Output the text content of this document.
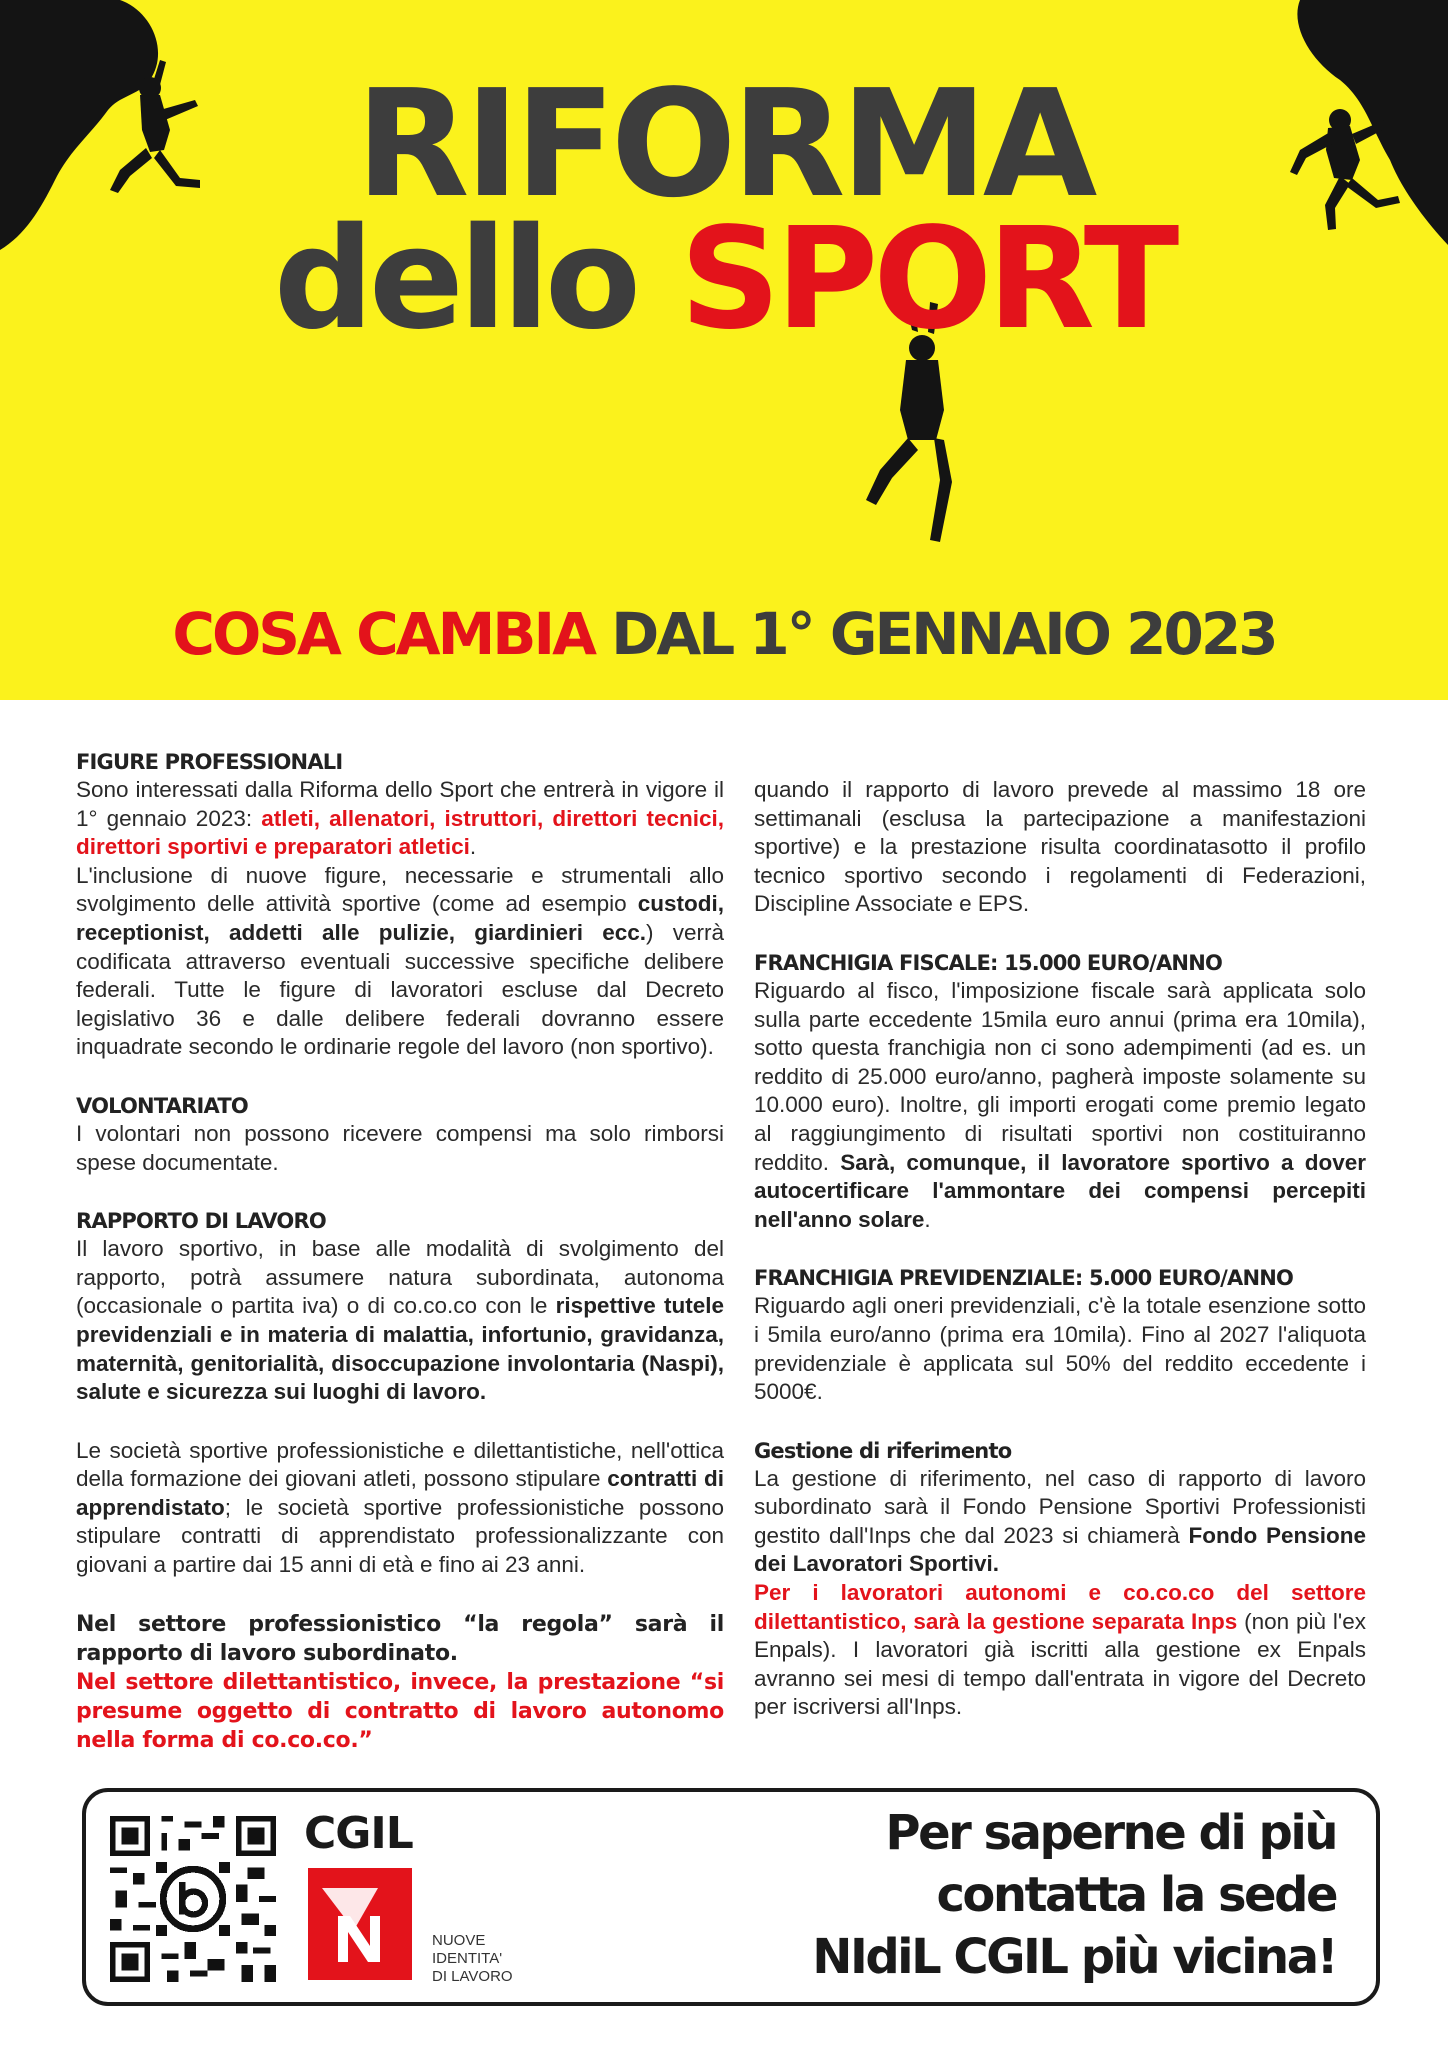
RIFORMA
dello SPORT
COSA CAMBIA DAL 1° GENNAIO 2023
FIGURE PROFESSIONALI

Sono interessati dalla Riforma dello Sport che entrerà in vigore il 1° gennaio 2023: atleti, allenatori, istruttori, direttori tecnici, direttori sportivi e preparatori atletici.

L'inclusione di nuove figure, necessarie e strumentali allo svolgimento delle attività sportive (come ad esempio custodi, receptionist, addetti alle pulizie, giardinieri ecc.) verrà codificata attraverso eventuali successive specifiche delibere federali. Tutte le figure di lavoratori escluse dal Decreto legislativo 36 e dalle delibere federali dovranno essere inquadrate secondo le ordinarie regole del lavoro (non sportivo).

VOLONTARIATO

I volontari non possono ricevere compensi ma solo rimborsi spese documentate.

RAPPORTO DI LAVORO

Il lavoro sportivo, in base alle modalità di svolgimento del rapporto, potrà assumere natura subordinata, autonoma (occasionale o partita iva) o di co.co.co con le rispettive tutele previdenziali e in materia di malattia, infortunio, gravidanza, maternità, genitorialità, disoccupazione involontaria (Naspi), salute e sicurezza sui luoghi di lavoro.

Le società sportive professionistiche e dilettantistiche, nell'ottica della formazione dei giovani atleti, possono stipulare contratti di apprendistato; le società sportive professionistiche possono stipulare contratti di apprendistato professionalizzante con giovani a partire dai 15 anni di età e fino ai 23 anni.

Nel settore professionistico “la regola” sarà il rapporto di lavoro subordinato.

Nel settore dilettantistico, invece, la prestazione “si presume oggetto di contratto di lavoro autonomo nella forma di co.co.co.”

quando il rapporto di lavoro prevede al massimo 18 ore settimanali (esclusa la partecipazione a manifestazioni sportive) e la prestazione risulta coordinatasotto il profilo tecnico sportivo secondo i regolamenti di Federazioni, Discipline Associate e EPS.

FRANCHIGIA FISCALE: 15.000 EURO/ANNO

Riguardo al fisco, l'imposizione fiscale sarà applicata solo sulla parte eccedente 15mila euro annui (prima era 10mila), sotto questa franchigia non ci sono adempimenti (ad es. un reddito di 25.000 euro/anno, pagherà imposte solamente su 10.000 euro). Inoltre, gli importi erogati come premio legato al raggiungimento di risultati sportivi non costituiranno reddito. Sarà, comunque, il lavoratore sportivo a dover autocertificare l'ammontare dei compensi percepiti nell'anno solare.

FRANCHIGIA PREVIDENZIALE: 5.000 EURO/ANNO

Riguardo agli oneri previdenziali, c'è la totale esenzione sotto i 5mila euro/anno (prima era 10mila). Fino al 2027 l'aliquota previdenziale è applicata sul 50% del reddito eccedente i 5000€.

Gestione di riferimento

La gestione di riferimento, nel caso di rapporto di lavoro subordinato sarà il Fondo Pensione Sportivi Professionisti gestito dall'Inps che dal 2023 si chiamerà Fondo Pensione dei Lavoratori Sportivi.

Per i lavoratori autonomi e co.co.co del settore dilettantistico, sarà la gestione separata Inps (non più l'ex Enpals). I lavoratori già iscritti alla gestione ex Enpals avranno sei mesi di tempo dall'entrata in vigore del Decreto per iscriversi all'Inps.

CGIL
NUOVE
IDENTITA'
DI LAVORO
Per saperne di più
contatta la sede
NIdiL CGIL più vicina!
